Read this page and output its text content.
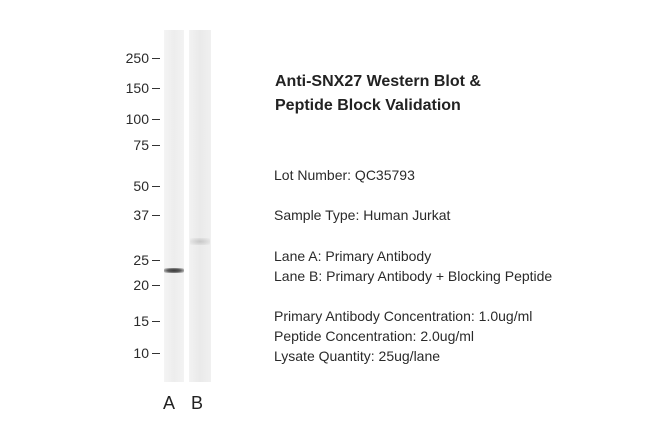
250
150
100
75
50
37
25
20
15
10
A B
Anti-SNX27 Western Blot &
Peptide Block Validation
Lot Number: QC35793
Sample Type: Human Jurkat
Lane A: Primary Antibody
Lane B: Primary Antibody + Blocking Peptide
Primary Antibody Concentration: 1.0ug/ml
Peptide Concentration: 2.0ug/ml
Lysate Quantity: 25ug/lane
